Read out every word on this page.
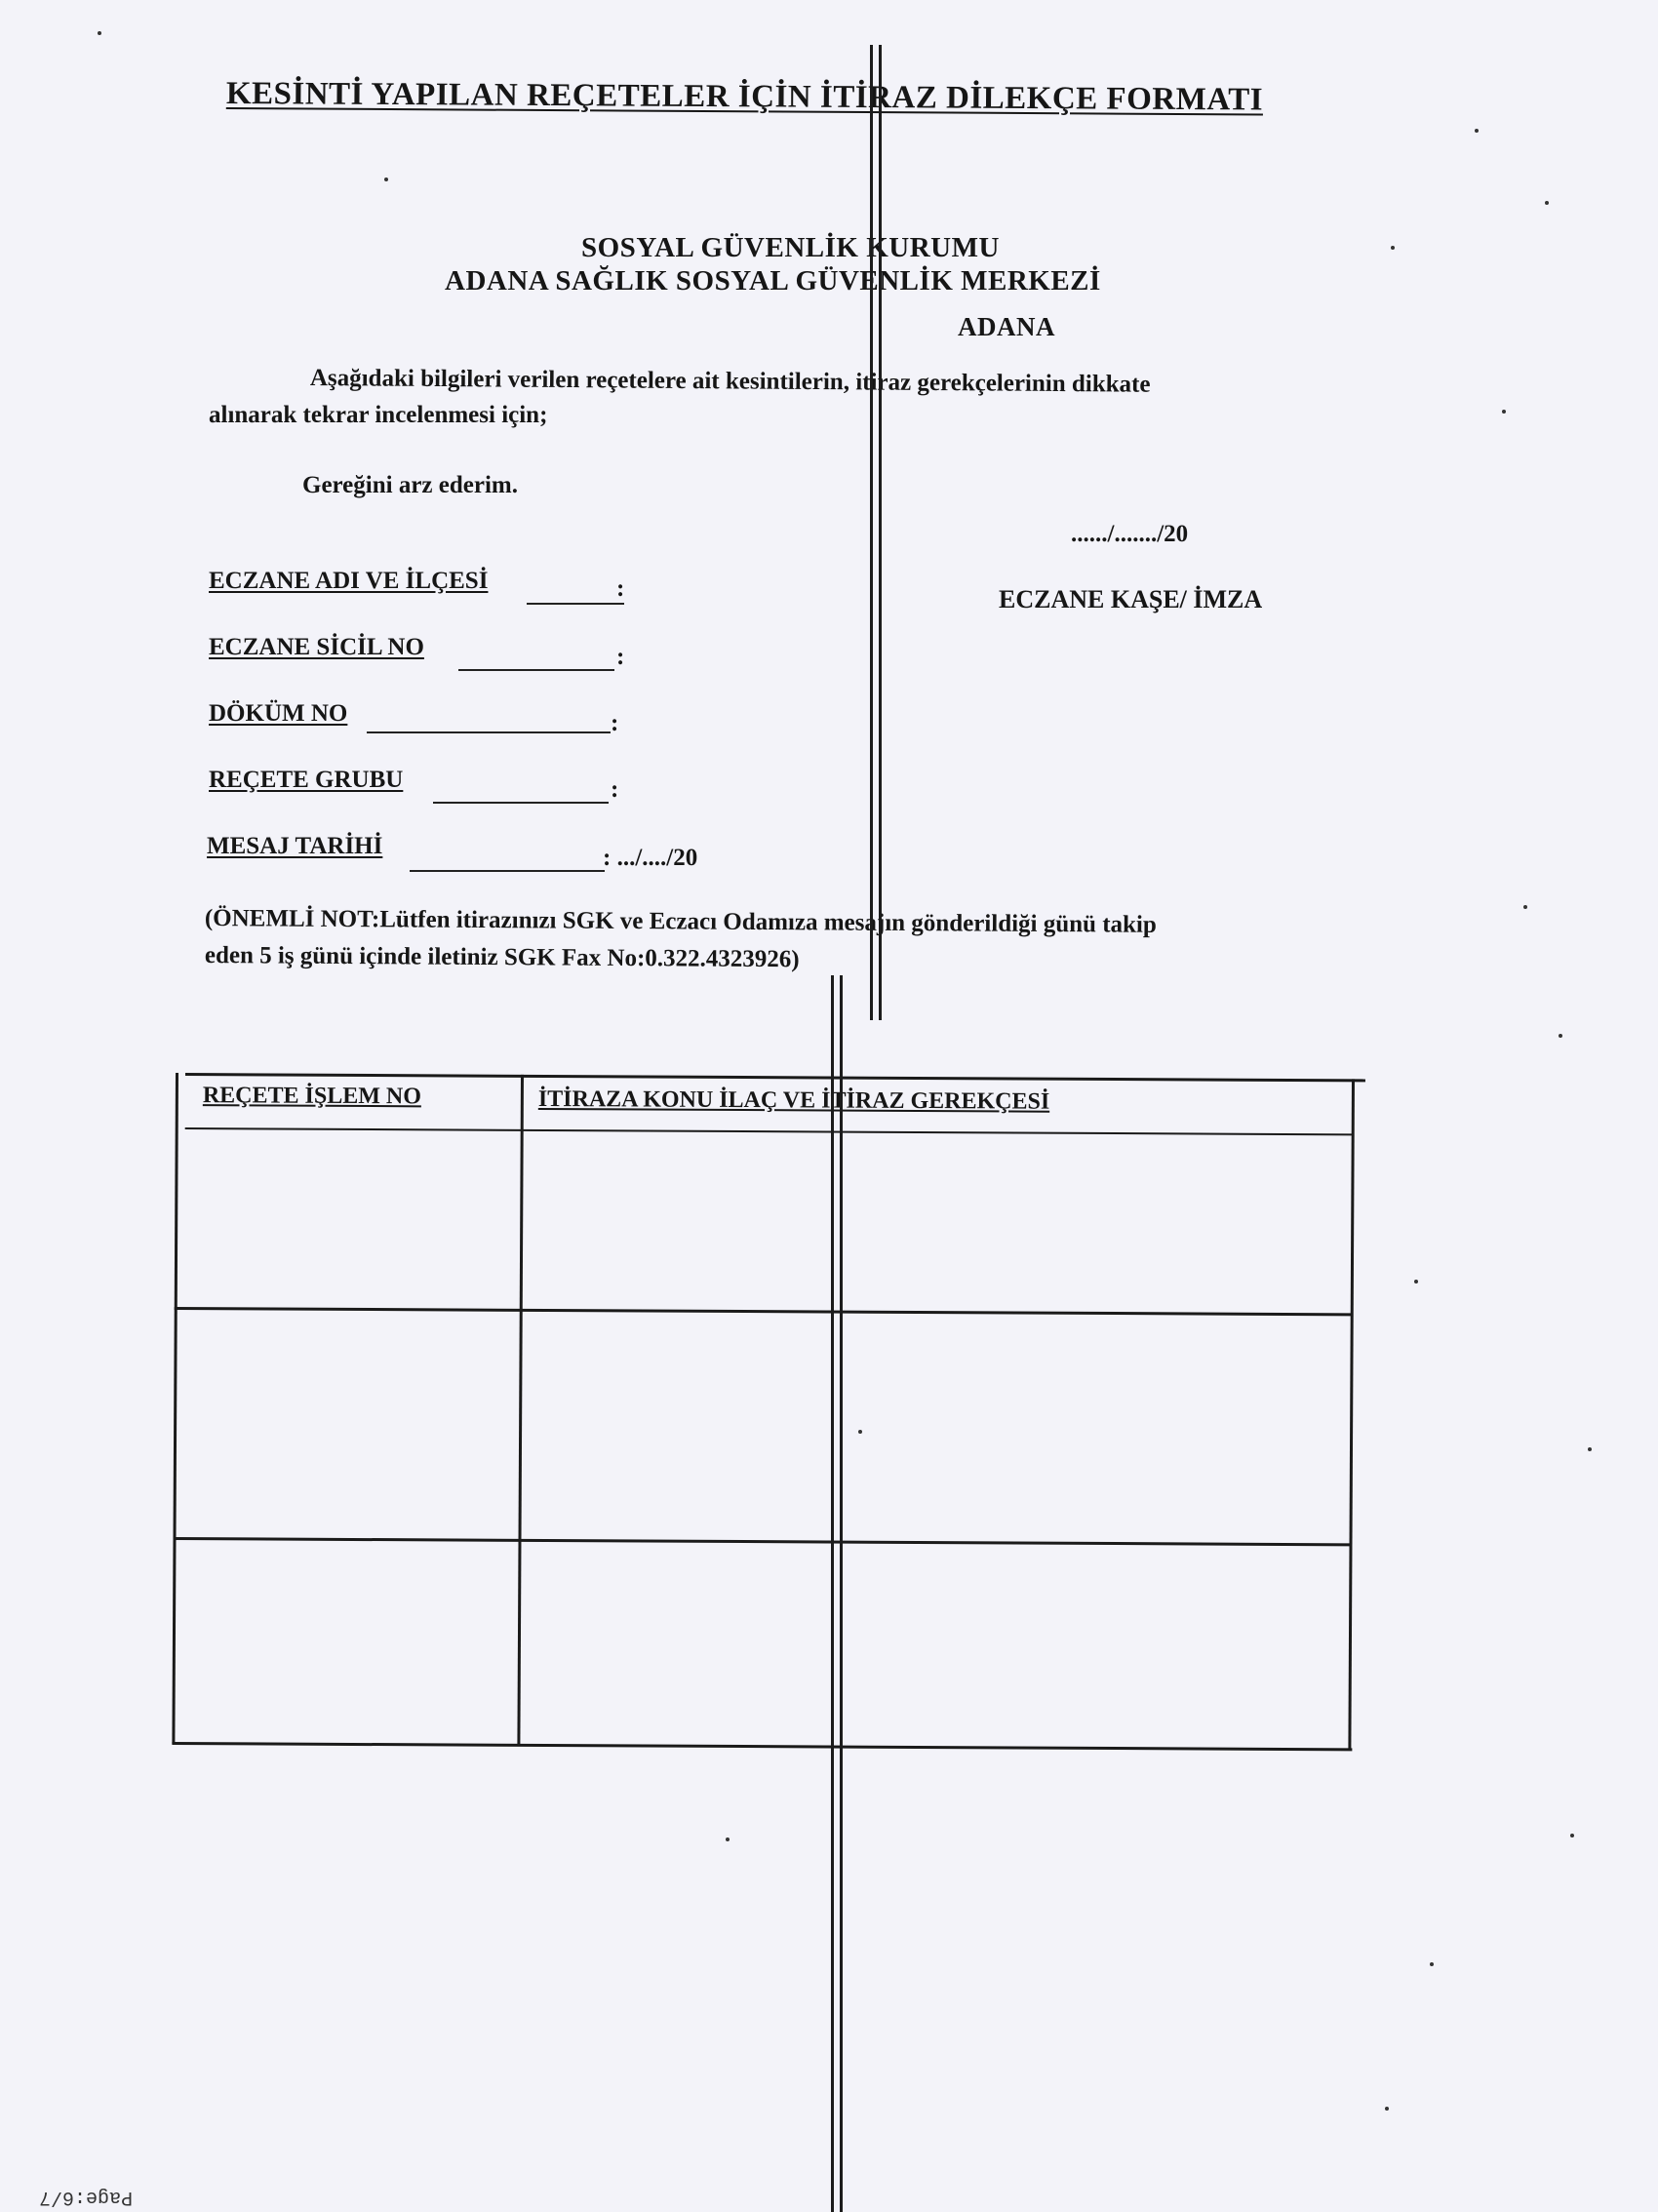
KESİNTİ YAPILAN REÇETELER İÇİN İTİRAZ DİLEKÇE FORMATI
SOSYAL GÜVENLİK KURUMU
ADANA SAĞLIK SOSYAL GÜVENLİK MERKEZİ
ADANA
Aşağıdaki bilgileri verilen reçetelere ait kesintilerin, itiraz gerekçelerinin dikkate
alınarak tekrar incelenmesi için;
Gereğini arz ederim.
....../......./20
ECZANE KAŞE/ İMZA
ECZANE ADI VE İLÇESİ	:
ECZANE SİCİL NO	:
DÖKÜM NO	:
REÇETE GRUBU	:
MESAJ TARİHİ	: .../..../20
(ÖNEMLİ NOT:Lütfen itirazınızı SGK ve Eczacı Odamıza mesajın gönderildiği günü takip
eden 5 iş günü içinde iletiniz SGK Fax No:0.322.4323926)
REÇETE İŞLEM NO	İTİRAZA KONU İLAÇ VE İTİRAZ GEREKÇESİ
Page:6/7
